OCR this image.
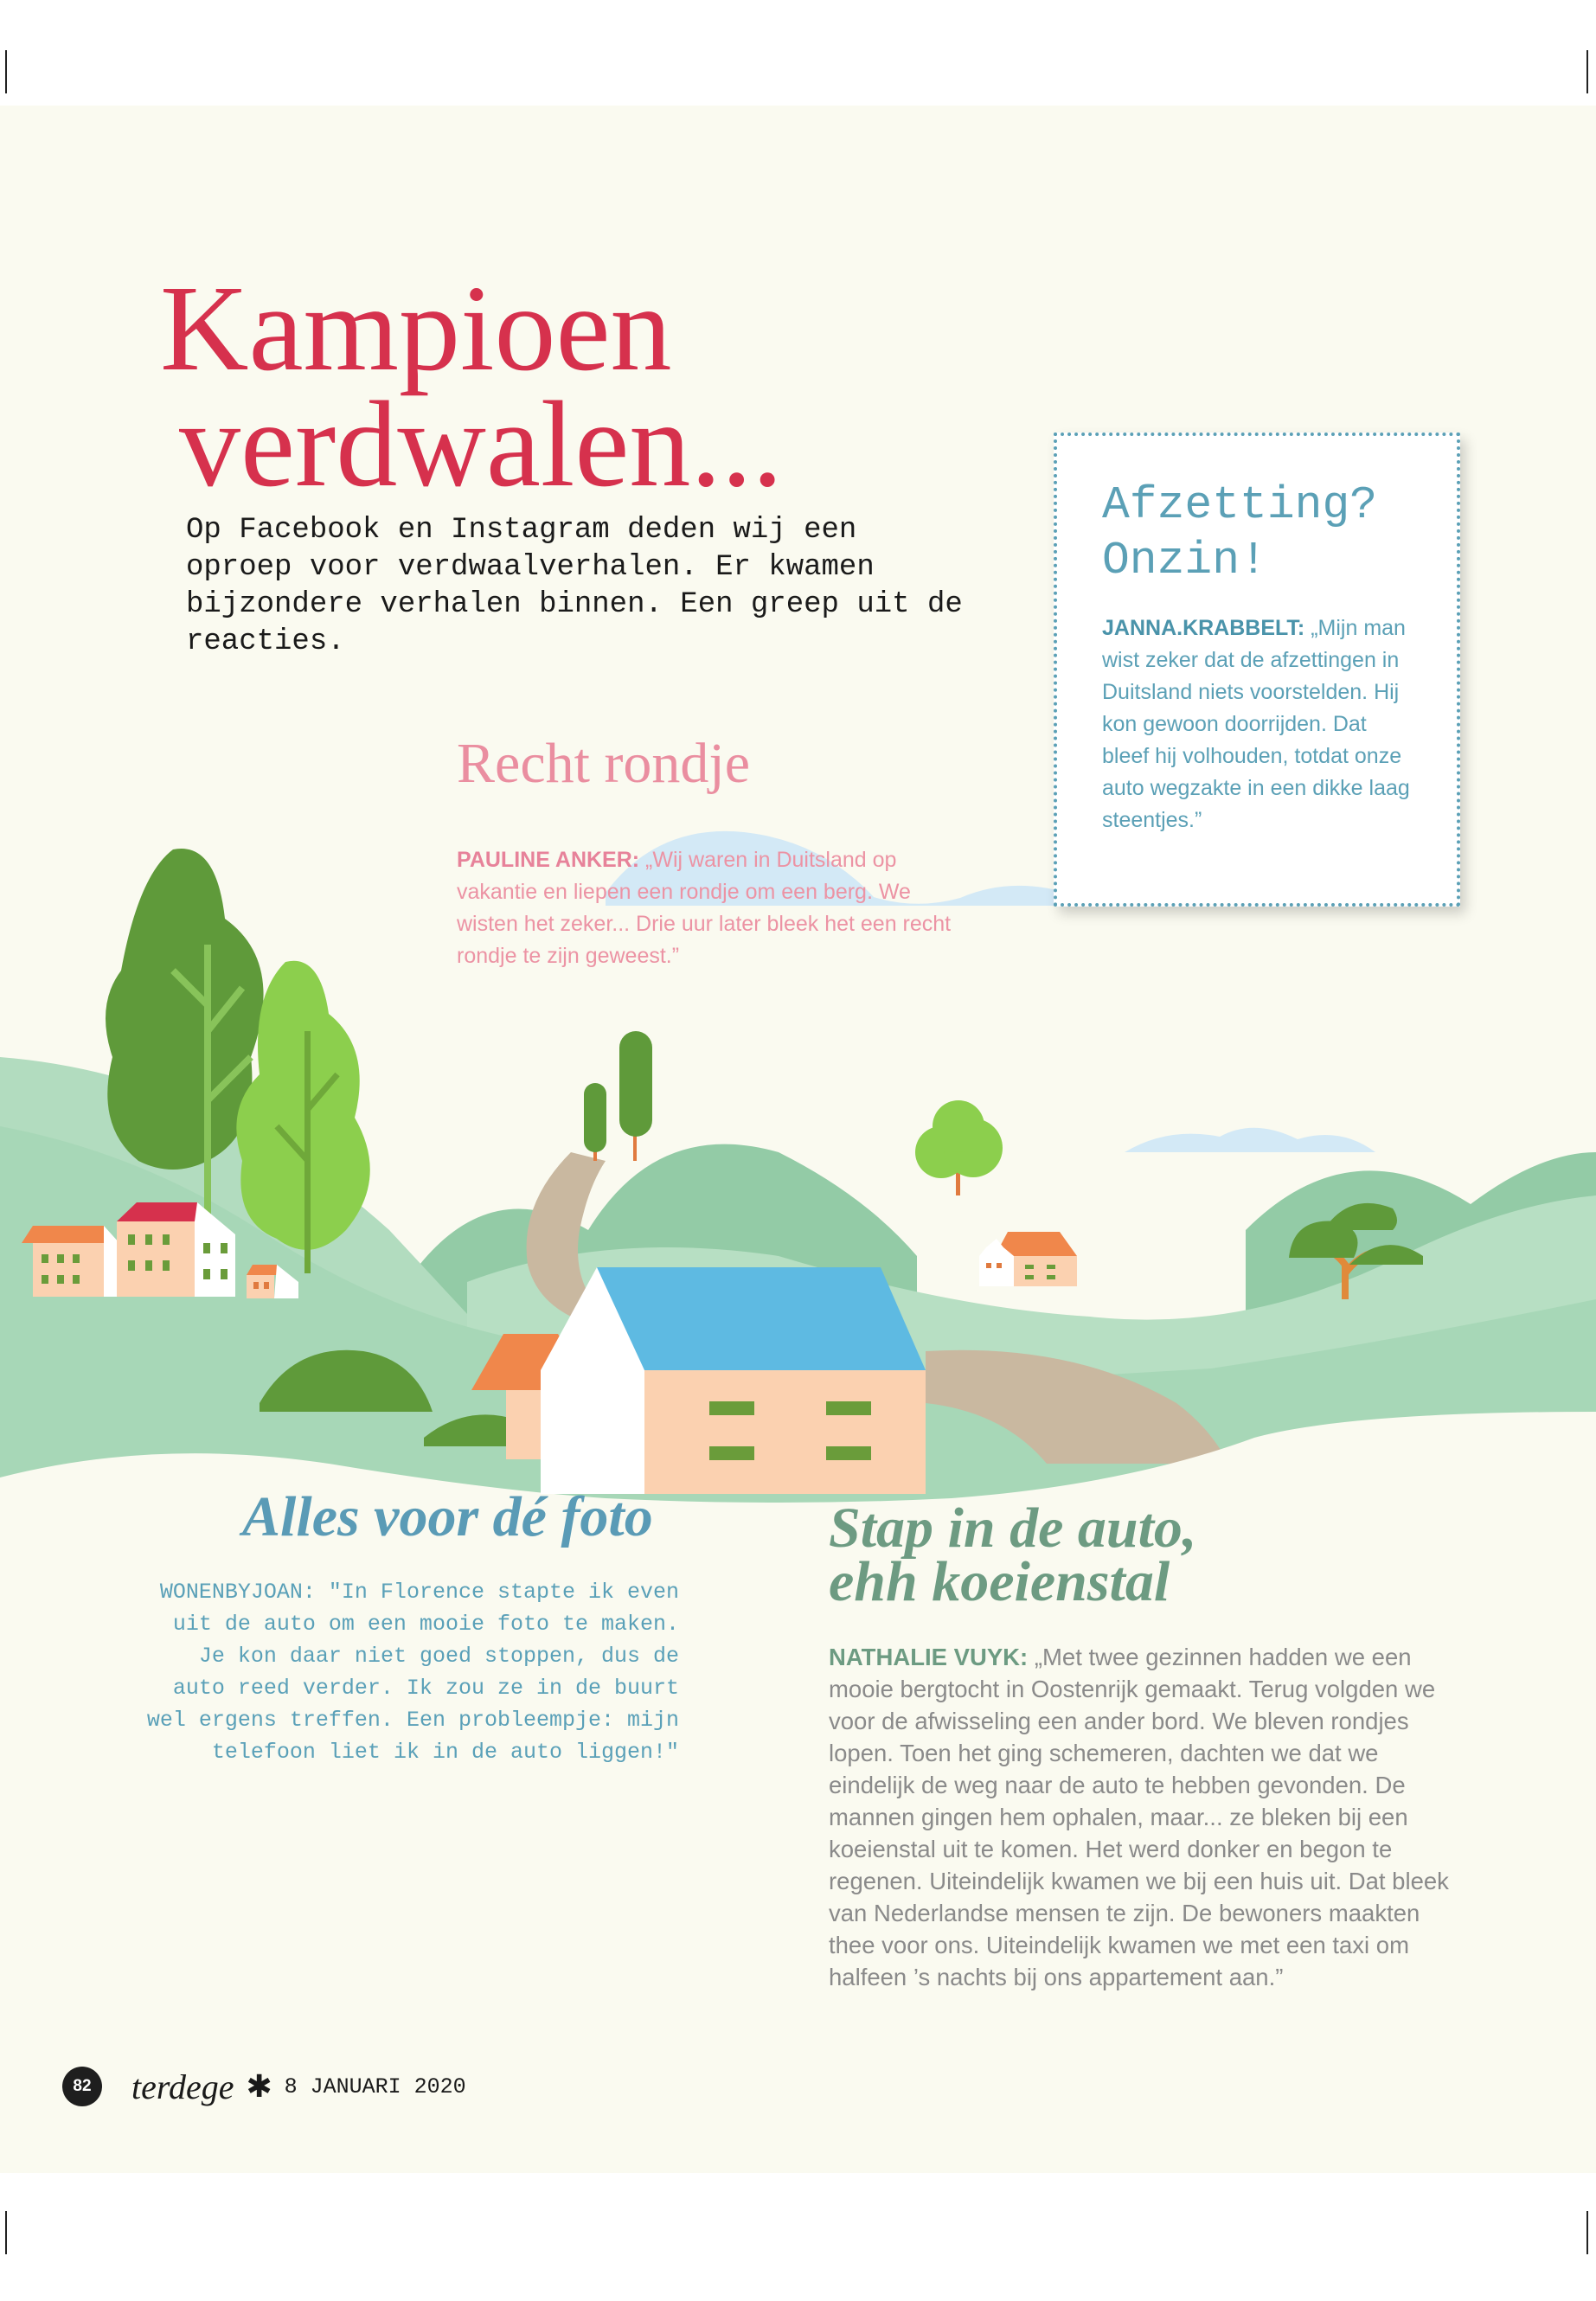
Kampioen
verdwalen...

Op Facebook en Instagram deden wij een oproep voor verdwaalverhalen. Er kwamen bijzondere verhalen binnen. Een greep uit de reacties.

Recht rondje

PAULINE ANKER: „Wij waren in Duitsland op vakantie en liepen een rondje om een berg. We wisten het zeker... Drie uur later bleek het een recht rondje te zijn geweest.”

Afzetting?
Onzin!

JANNA.KRABBELT: „Mijn man wist zeker dat de afzettingen in Duitsland niets voorstelden. Hij kon gewoon doorrijden. Dat bleef hij volhouden, totdat onze auto wegzakte in een dikke laag steentjes.”

Alles voor dé foto

WONENBYJOAN: "In Florence stapte ik even uit de auto om een mooie foto te maken. Je kon daar niet goed stoppen, dus de auto reed verder. Ik zou ze in de buurt wel ergens treffen. Een probleempje: mijn telefoon liet ik in de auto liggen!"

Stap in de auto,
ehh koeienstal

NATHALIE VUYK: „Met twee gezinnen hadden we een mooie bergtocht in Oostenrijk gemaakt. Terug volgden we voor de afwisseling een ander bord. We bleven rondjes lopen. Toen het ging schemeren, dachten we dat we eindelijk de weg naar de auto te hebben gevonden. De mannen gingen hem ophalen, maar... ze bleken bij een koeienstal uit te komen. Het werd donker en begon te regenen. Uiteindelijk kwamen we bij een huis uit. Dat bleek van Nederlandse mensen te zijn. De bewoners maakten thee voor ons. Uiteindelijk kwamen we met een taxi om halfeen ’s nachts bij ons appartement aan.”

82	terdege ✱ 8 JANUARI 2020
